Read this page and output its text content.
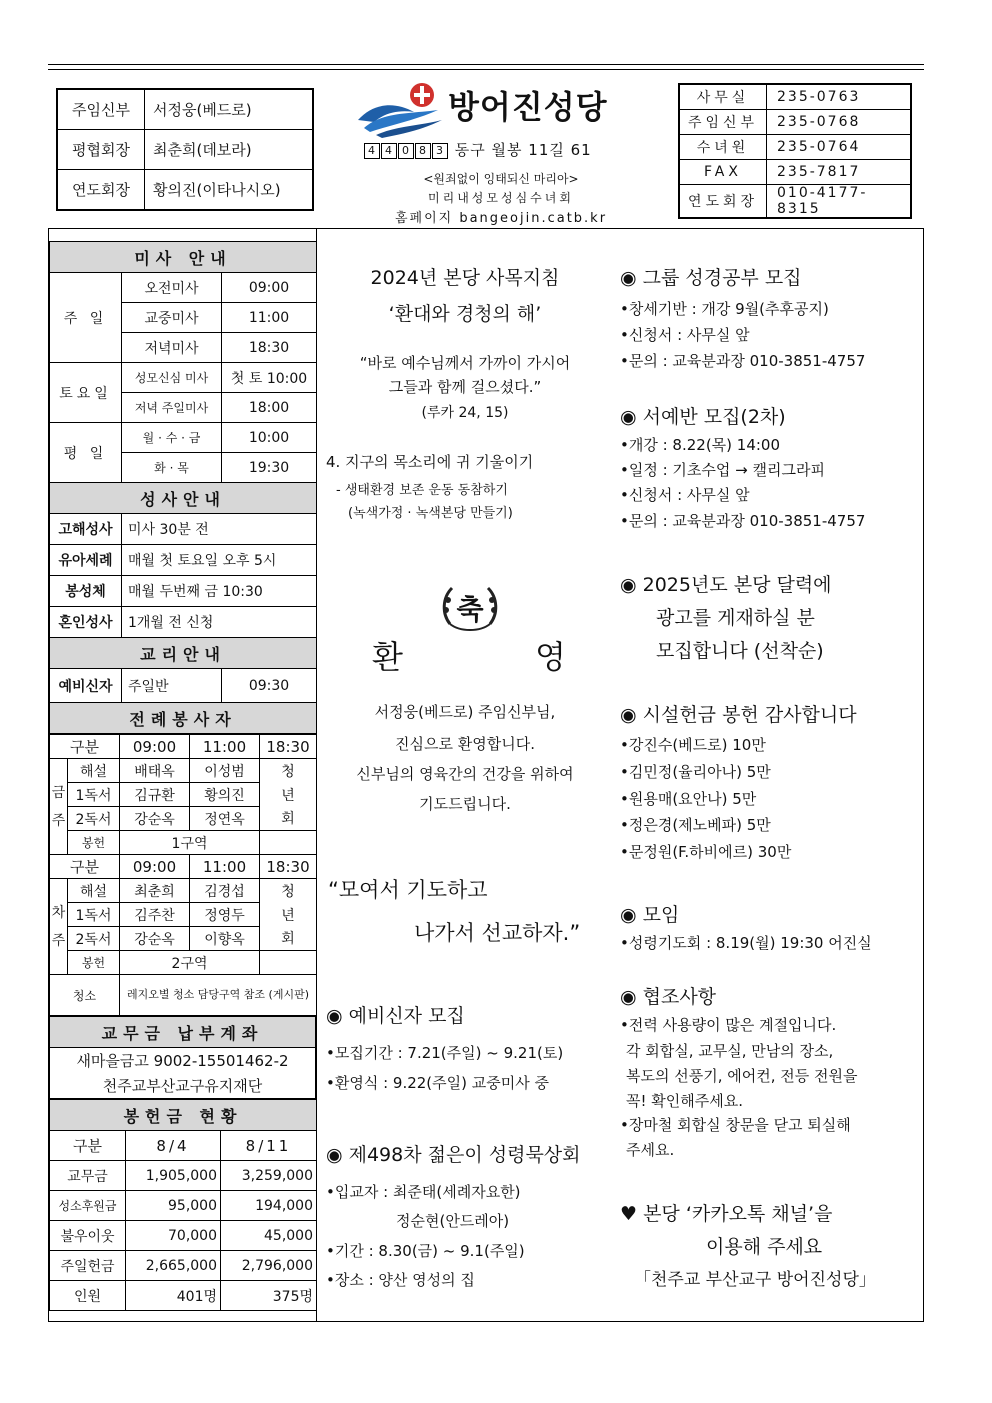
주임신부	서정웅(베드로)
평협회장	최춘희(데보라)
연도회장	황의진(이타나시오)
방어진성당
4 4 0 8 3 동구 월봉 11길 61
<원죄없이 잉태되신 마리아>
미리내성모성심수녀회
홈페이지 bangeojin.catb.kr
사무실	235-0763
주임신부	235-0768
수녀원	235-0764
FAX	235-7817
연도회장	010-4177-8315
미사 안내		
주 일	오전미사	09:00
	교중미사	11:00
	저녁미사	18:30
토요일	성모신심 미사	첫 토 10:00
	저녁 주일미사	18:00
평 일	월 · 수 · 금	10:00
	화 · 목	19:30
성사안내		
고해성사	미사 30분 전	
유아세례	매월 첫 토요일 오후 5시	
봉성체	매월 두번째 금 10:30	
혼인성사	1개월 전 신청	
교리안내		
예비신자	주일반	09:30
전례봉사자		
구분		09:00	11:00	18:30
금
주	해설	배태옥	이성범	청
	1독서	김규환	황의진	년
	2독서	강순옥	정연옥	회
	봉헌	1구역		
구분		09:00	11:00	18:30
차
주	해설	최춘희	김경섭	청
	1독서	김주찬	정영두	년
	2독서	강순옥	이향옥	회
	봉헌	2구역		
청소		레지오별 청소 담당구역 참조 (게시판)		
교무금 납부계좌
새마을금고 9002-15501462-2
천주교부산교구유지재단
봉헌금 현황		
구분	8/4	8/11
교무금	1,905,000	3,259,000
성소후원금	95,000	194,000
불우이웃	70,000	45,000
주일헌금	2,665,000	2,796,000
인원	401명	375명
2024년 본당 사목지침
‘환대와 경청의 해’
“바로 예수님께서 가까이 가시어
그들과 함께 걸으셨다.”
(루카 24, 15)
4. 지구의 목소리에 귀 기울이기
- 생태환경 보존 운동 동참하기
(녹색가정 · 녹색본당 만들기)
축
환	영
서정웅(베드로) 주임신부님,
진심으로 환영합니다.
신부님의 영육간의 건강을 위하여
기도드립니다.
“모여서 기도하고
나가서 선교하자.”
◉ 예비신자 모집
•모집기간 : 7.21(주일) ~ 9.21(토)
•환영식 : 9.22(주일) 교중미사 중
◉ 제498차 젊은이 성령묵상회
•입교자 : 최준태(세례자요한)
정순현(안드레아)
•기간 : 8.30(금) ~ 9.1(주일)
•장소 : 양산 영성의 집
◉ 그룹 성경공부 모집
•창세기반 : 개강 9월(추후공지)
•신청서 : 사무실 앞
•문의 : 교육분과장 010-3851-4757
◉ 서예반 모집(2차)
•개강 : 8.22(목) 14:00
•일정 : 기초수업 → 캘리그라피
•신청서 : 사무실 앞
•문의 : 교육분과장 010-3851-4757
◉ 2025년도 본당 달력에
광고를 게재하실 분
모집합니다 (선착순)
◉ 시설헌금 봉헌 감사합니다
•강진수(베드로) 10만
•김민정(율리아나) 5만
•원용매(요안나) 5만
•정은경(제노베파) 5만
•문정원(F.하비에르) 30만
◉ 모임
•성령기도회 : 8.19(월) 19:30 어진실
◉ 협조사항
•전력 사용량이 많은 계절입니다.
각 회합실, 교무실, 만남의 장소,
복도의 선풍기, 에어컨, 전등 전원을
꼭! 확인해주세요.
•장마철 회합실 창문을 닫고 퇴실해
주세요.
♥ 본당 ‘카카오톡 채널’을
이용해 주세요
「천주교 부산교구 방어진성당」
